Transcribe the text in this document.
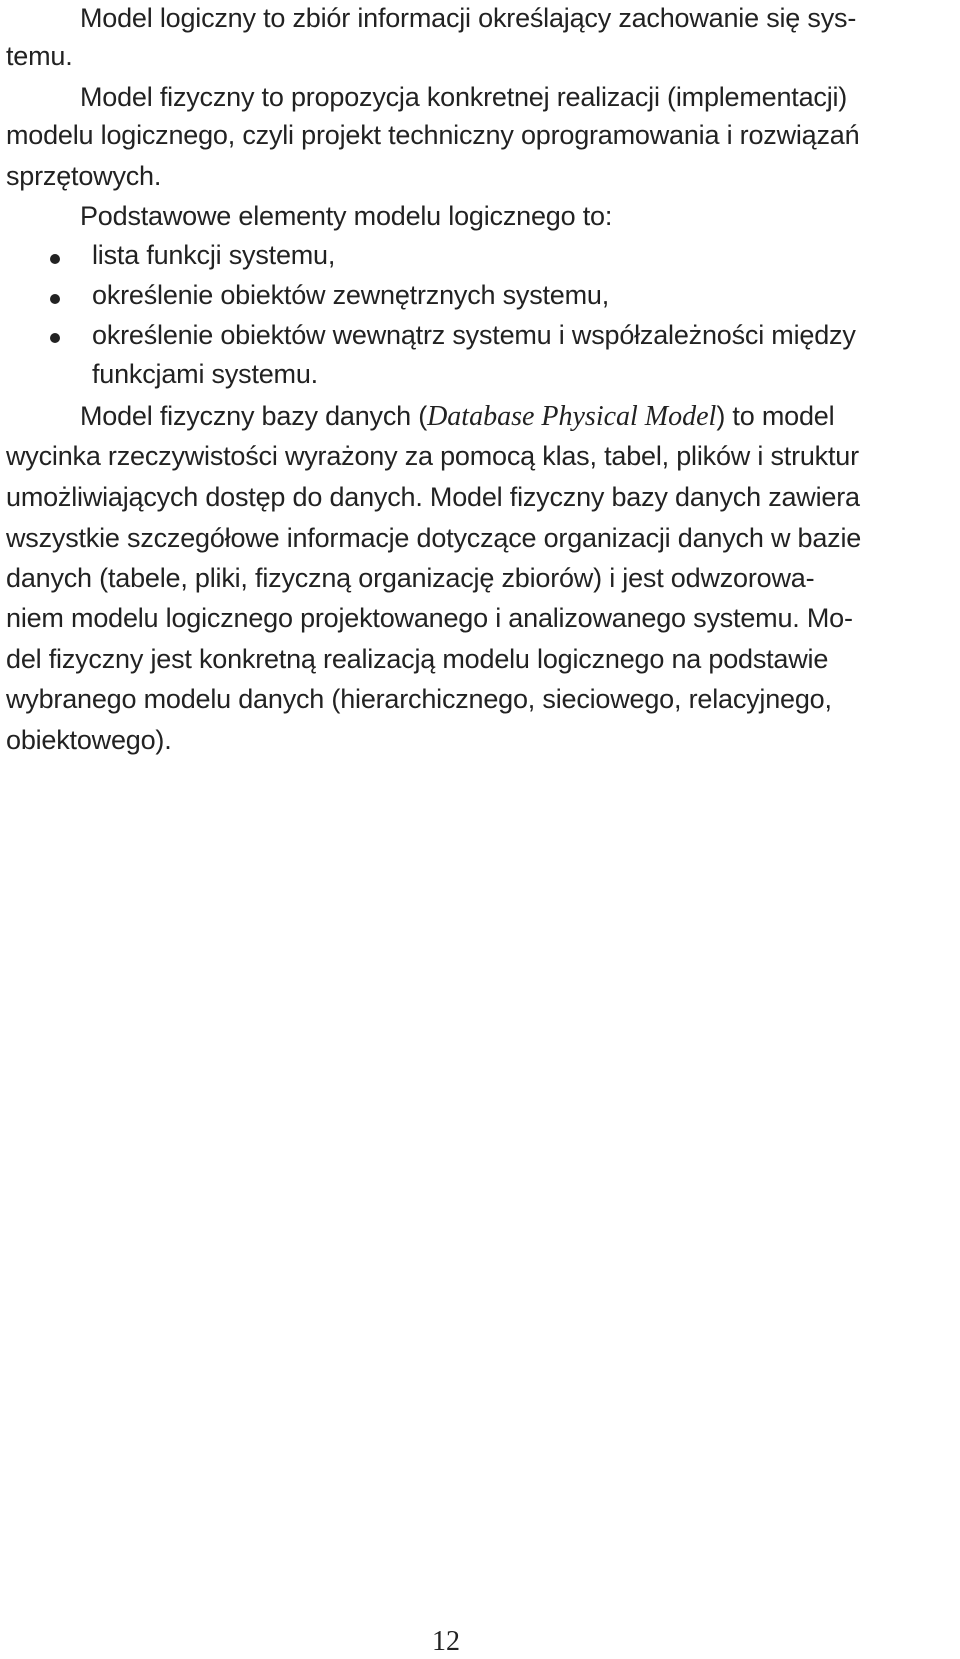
Model logiczny to zbiór informacji określający zachowanie się sys-

temu.

Model fizyczny to propozycja konkretnej realizacji (implementacji)

modelu logicznego, czyli projekt techniczny oprogramowania i rozwiązań

sprzętowych.

Podstawowe elementy modelu logicznego to:

lista funkcji systemu,

określenie obiektów zewnętrznych systemu,

określenie obiektów wewnątrz systemu i współzależności między

funkcjami systemu.

Model fizyczny bazy danych (Database Physical Model) to model

wycinka rzeczywistości wyrażony za pomocą klas, tabel, plików i struktur

umożliwiających dostęp do danych. Model fizyczny bazy danych zawiera

wszystkie szczegółowe informacje dotyczące organizacji danych w bazie

danych (tabele, pliki, fizyczną organizację zbiorów) i jest odwzorowa-

niem modelu logicznego projektowanego i analizowanego systemu. Mo-

del fizyczny jest konkretną realizacją modelu logicznego na podstawie

wybranego modelu danych (hierarchicznego, sieciowego, relacyjnego,

obiektowego).

12
